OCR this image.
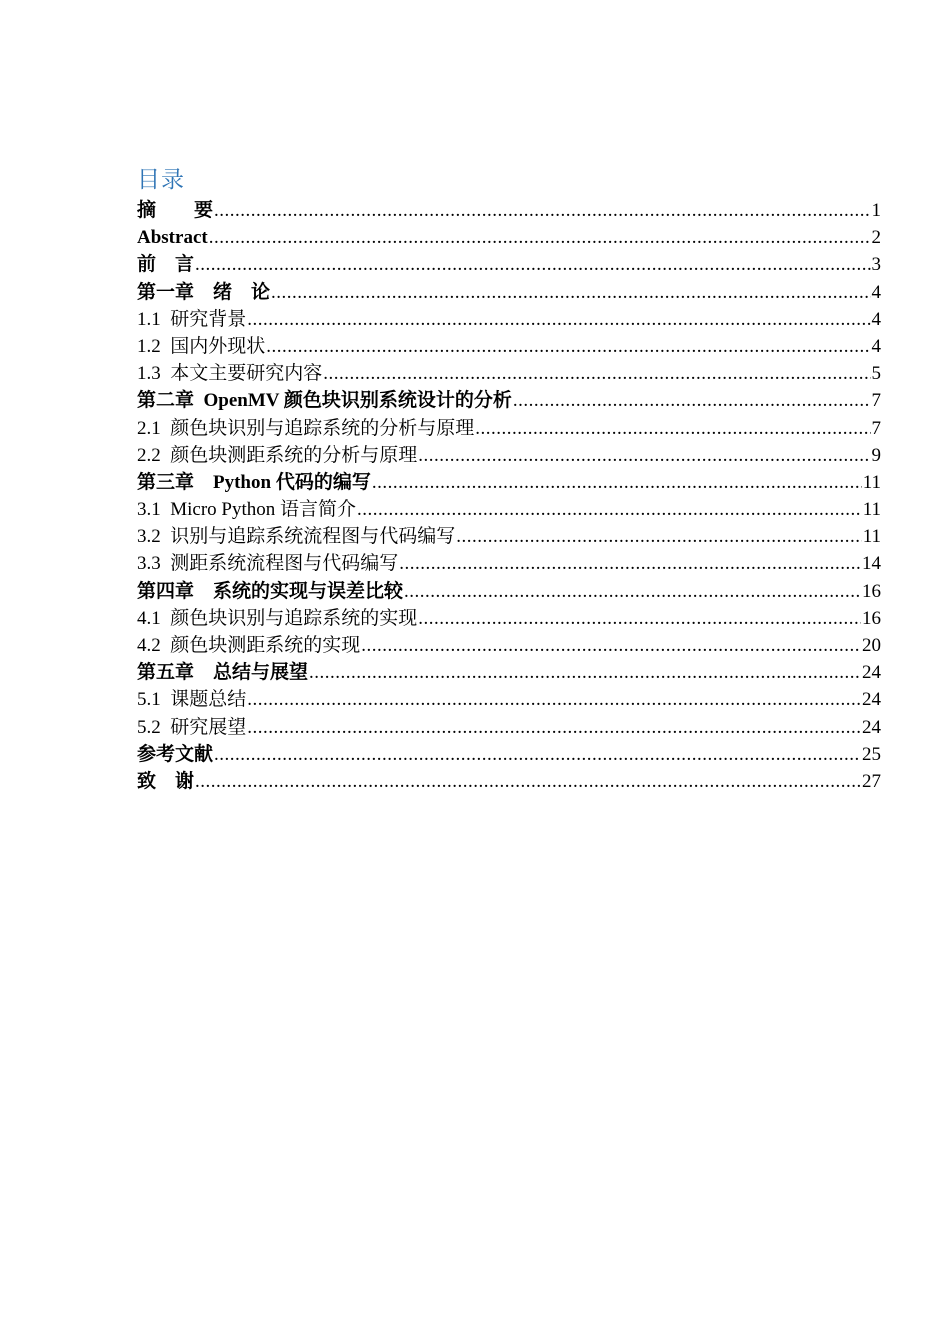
目录
摘　　要 .....	1
Abstract .....	2
前　言 .....	3
第一章　绪　论 .....	4
1.1  研究背景 .....	4
1.2  国内外现状 .....	4
1.3  本文主要研究内容 .....	5
第二章  OpenMV 颜色块识别系统设计的分析 .....	7
2.1  颜色块识别与追踪系统的分析与原理 .....	7
2.2  颜色块测距系统的分析与原理 .....	9
第三章　Python 代码的编写 .....	11
3.1  Micro Python 语言简介 .....	11
3.2  识别与追踪系统流程图与代码编写 .....	11
3.3  测距系统流程图与代码编写 .....	14
第四章　系统的实现与误差比较 .....	16
4.1  颜色块识别与追踪系统的实现 .....	16
4.2  颜色块测距系统的实现 .....	20
第五章　总结与展望 .....	24
5.1  课题总结 .....	24
5.2  研究展望 .....	24
参考文献 .....	25
致　谢 .....	27
